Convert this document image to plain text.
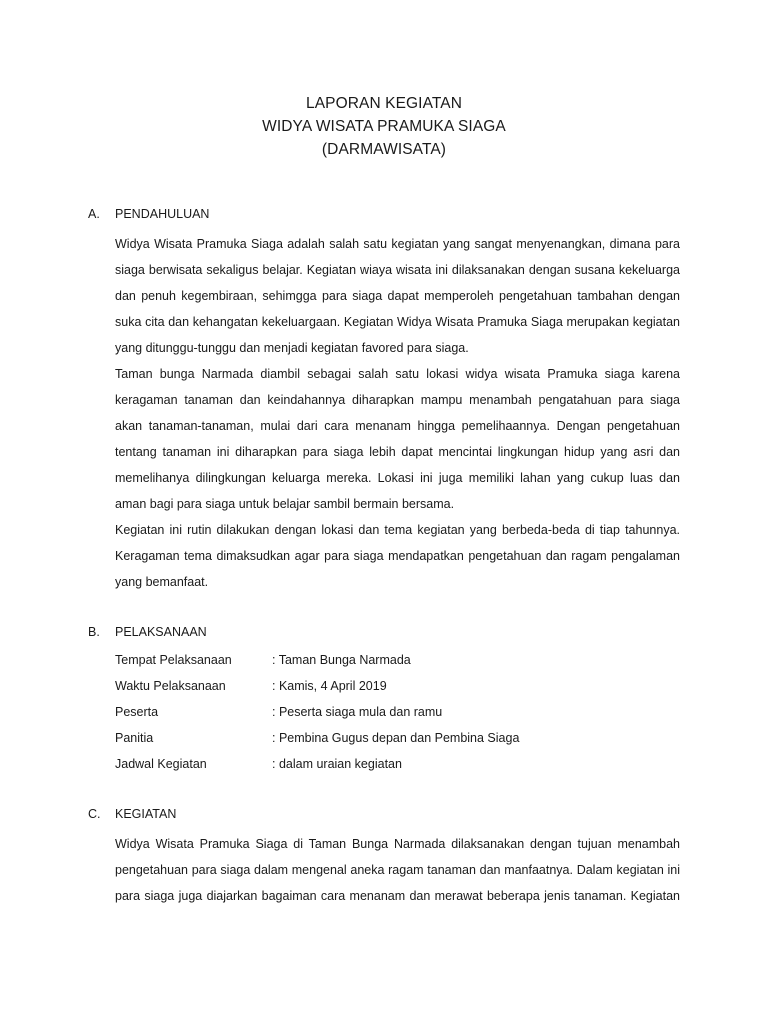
LAPORAN KEGIATAN
WIDYA WISATA PRAMUKA SIAGA
(DARMAWISATA)
A. PENDAHULUAN
Widya Wisata Pramuka Siaga adalah salah satu kegiatan yang sangat menyenangkan, dimana para
siaga berwisata sekaligus belajar. Kegiatan wiaya wisata ini dilaksanakan dengan susana kekeluarga
dan penuh kegembiraan, sehimgga para siaga dapat memperoleh pengetahuan tambahan dengan
suka cita dan kehangatan kekeluargaan. Kegiatan Widya Wisata Pramuka Siaga merupakan kegiatan
yang ditunggu-tunggu dan menjadi kegiatan favored para siaga.
Taman bunga Narmada diambil sebagai salah satu lokasi widya wisata Pramuka siaga karena
keragaman tanaman dan keindahannya diharapkan mampu menambah pengatahuan para siaga
akan tanaman-tanaman, mulai dari cara menanam hingga pemelihaannya. Dengan pengetahuan
tentang tanaman ini diharapkan para siaga lebih dapat mencintai lingkungan hidup yang asri dan
memelihanya dilingkungan keluarga mereka. Lokasi ini juga memiliki lahan yang cukup luas dan
aman bagi para siaga untuk belajar sambil bermain bersama.
Kegiatan ini rutin dilakukan dengan lokasi dan tema kegiatan yang berbeda-beda di tiap tahunnya.
Keragaman tema dimaksudkan agar para siaga mendapatkan pengetahuan dan ragam pengalaman
yang bemanfaat.
B. PELAKSANAAN
Tempat Pelaksanaan	: Taman Bunga Narmada
Waktu Pelaksanaan	: Kamis, 4 April 2019
Peserta	: Peserta siaga mula dan ramu
Panitia	: Pembina Gugus depan dan Pembina Siaga
Jadwal Kegiatan	: dalam uraian kegiatan
C. KEGIATAN
Widya Wisata Pramuka Siaga di Taman Bunga Narmada dilaksanakan dengan tujuan menambah
pengetahuan para siaga dalam mengenal aneka ragam tanaman dan manfaatnya. Dalam kegiatan ini
para siaga juga diajarkan bagaiman cara menanam dan merawat beberapa jenis tanaman. Kegiatan
